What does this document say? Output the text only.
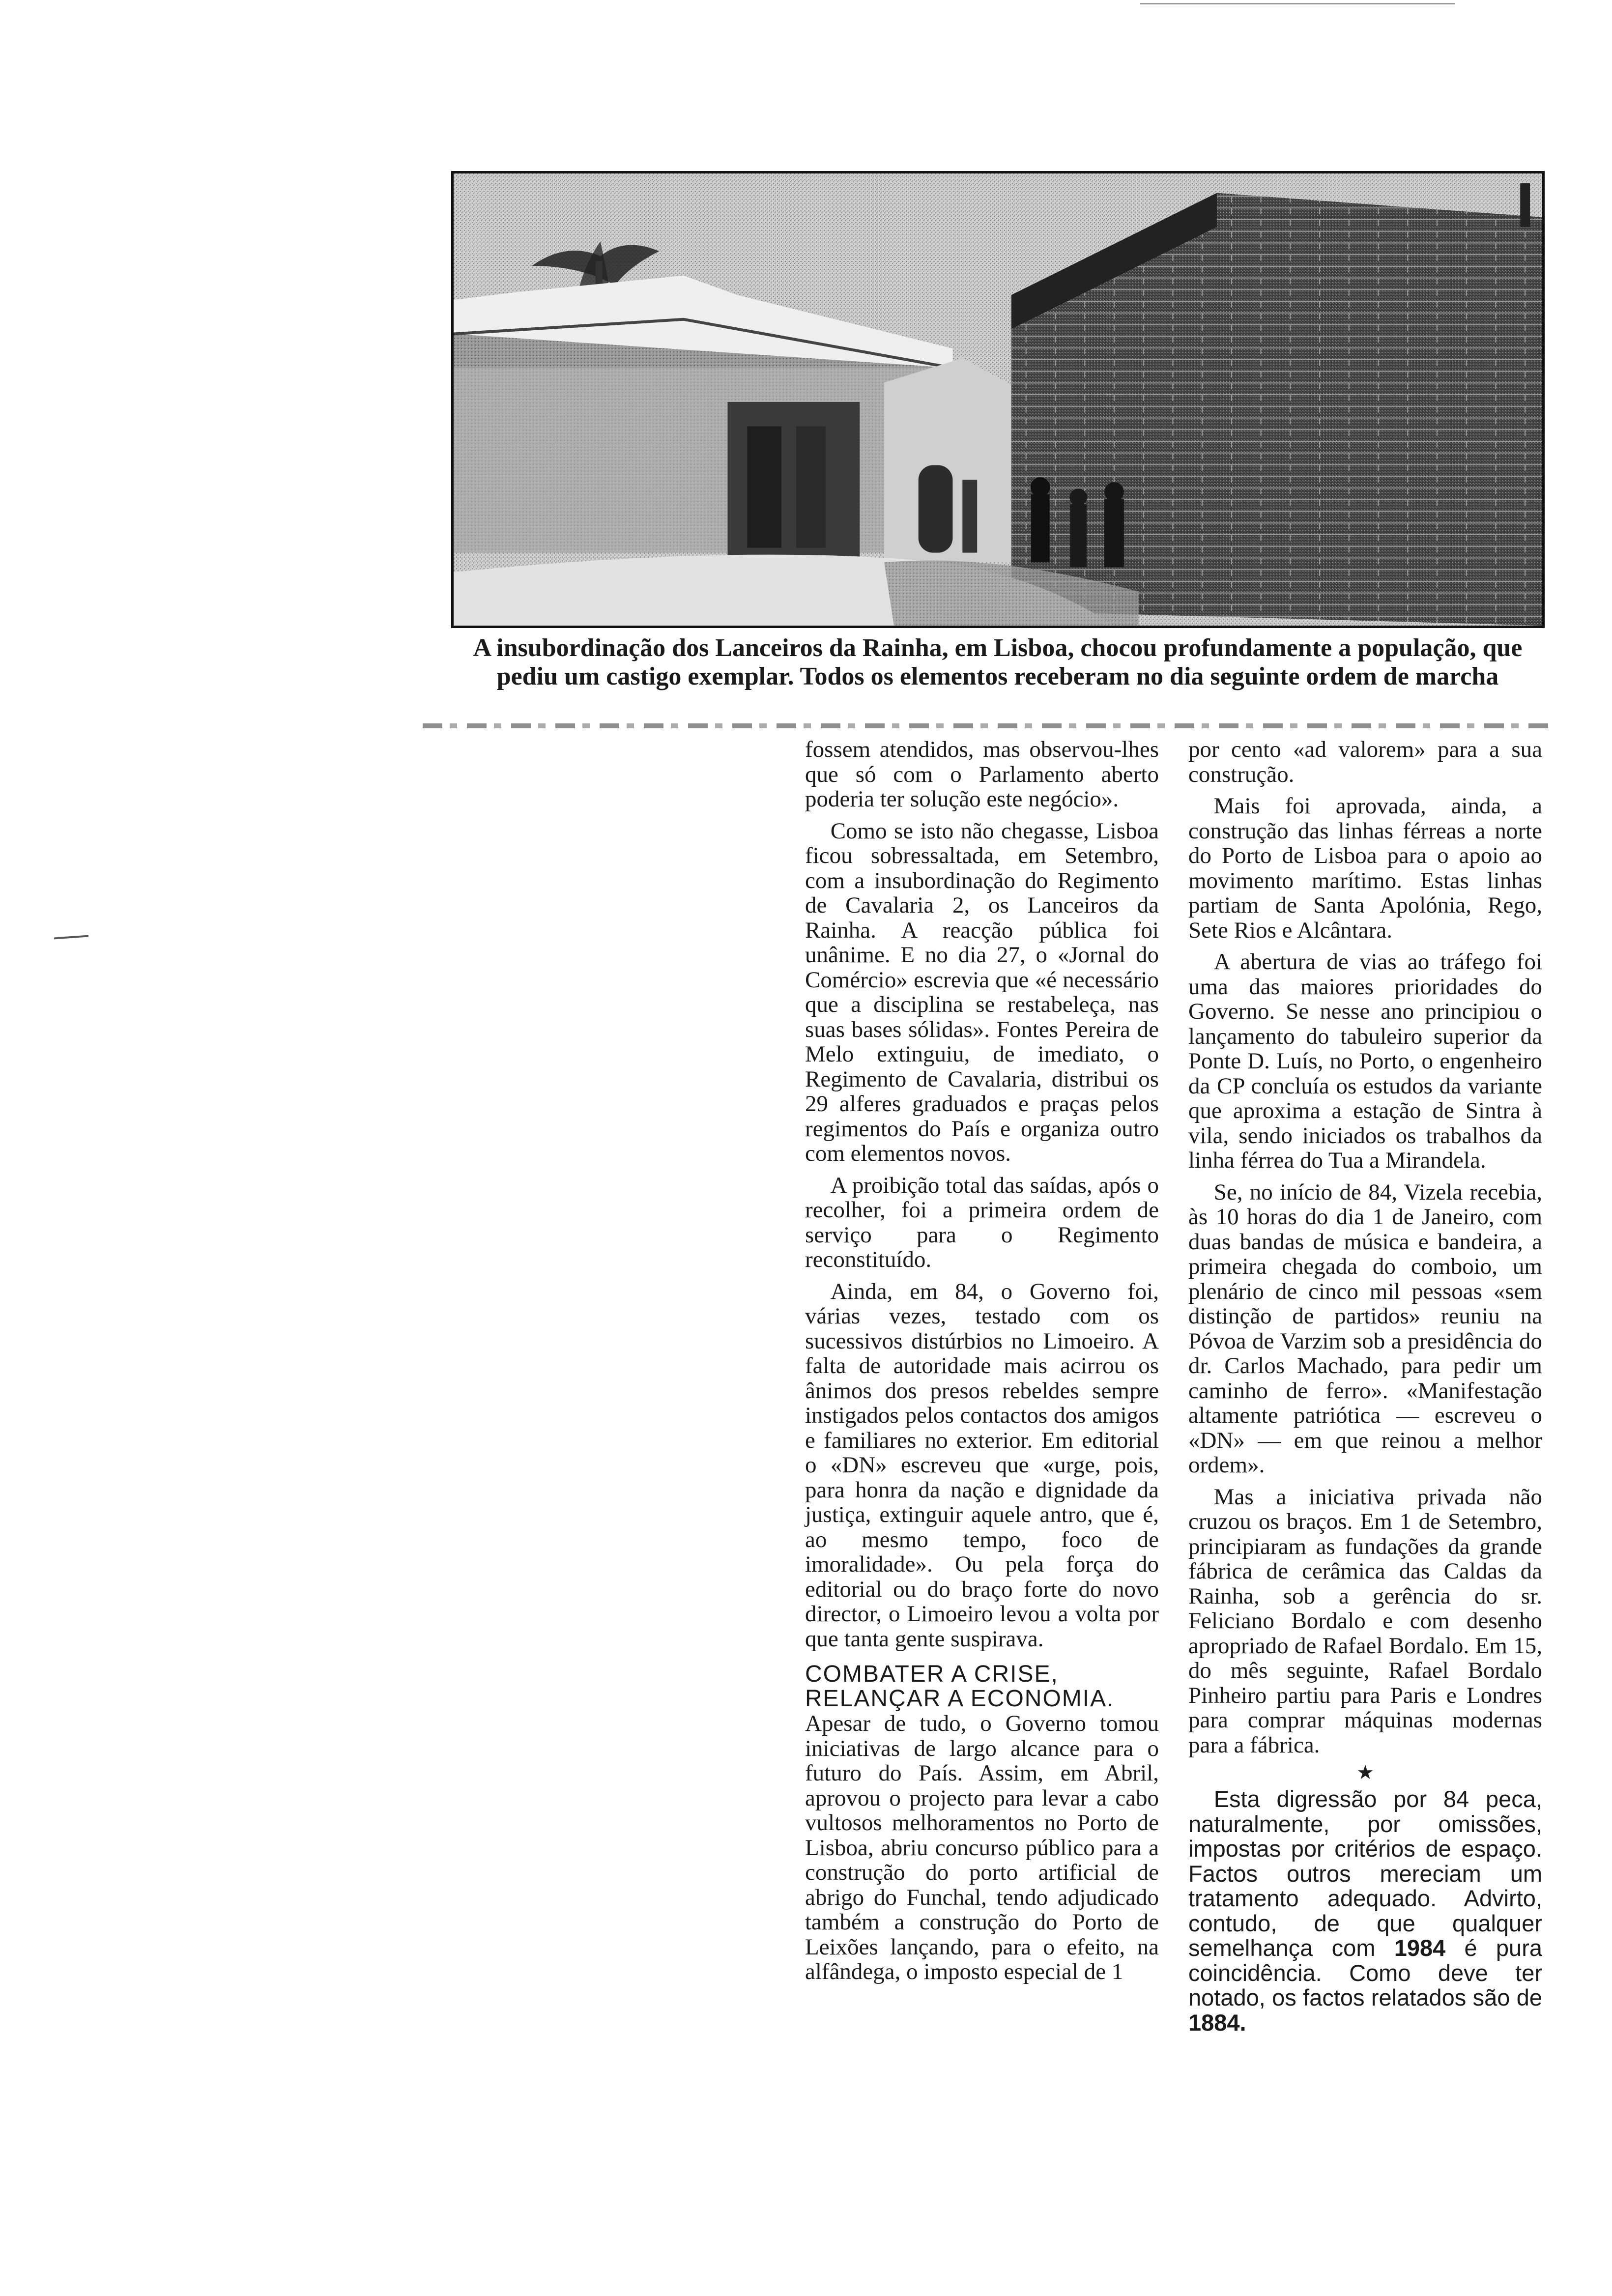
A insubordinação dos Lanceiros da Rainha, em Lisboa, chocou profundamente a população, que pediu um castigo exemplar. Todos os elementos receberam no dia seguinte ordem de marcha

fossem atendidos, mas observou-lhes que só com o Parlamento aberto poderia ter solução este negócio».

Como se isto não chegasse, Lisboa ficou sobressaltada, em Setembro, com a insubordinação do Regimento de Cavalaria 2, os Lanceiros da Rainha. A reacção pública foi unânime. E no dia 27, o «Jornal do Comércio» escrevia que «é necessário que a disciplina se restabeleça, nas suas bases sólidas». Fontes Pereira de Melo extinguiu, de imediato, o Regimento de Cavalaria, distribui os 29 alferes graduados e praças pelos regimentos do País e organiza outro com elementos novos.

A proibição total das saídas, após o recolher, foi a primeira ordem de serviço para o Regimento reconstituído.

Ainda, em 84, o Governo foi, várias vezes, testado com os sucessivos distúrbios no Limoeiro. A falta de autoridade mais acirrou os ânimos dos presos rebeldes sempre instigados pelos contactos dos amigos e familiares no exterior. Em editorial o «DN» escreveu que «urge, pois, para honra da nação e dignidade da justiça, extinguir aquele antro, que é, ao mesmo tempo, foco de imoralidade». Ou pela força do editorial ou do braço forte do novo director, o Limoeiro levou a volta por que tanta gente suspirava.

COMBATER A CRISE,
RELANÇAR A ECONOMIA.

Apesar de tudo, o Governo tomou iniciativas de largo alcance para o futuro do País. Assim, em Abril, aprovou o projecto para levar a cabo vultosos melhoramentos no Porto de Lisboa, abriu concurso público para a construção do porto artificial de abrigo do Funchal, tendo adjudicado também a construção do Porto de Leixões lançando, para o efeito, na alfândega, o imposto especial de 1

por cento «ad valorem» para a sua construção.

Mais foi aprovada, ainda, a construção das linhas férreas a norte do Porto de Lisboa para o apoio ao movimento marítimo. Estas linhas partiam de Santa Apolónia, Rego, Sete Rios e Alcântara.

A abertura de vias ao tráfego foi uma das maiores prioridades do Governo. Se nesse ano principiou o lançamento do tabuleiro superior da Ponte D. Luís, no Porto, o engenheiro da CP concluía os estudos da variante que aproxima a estação de Sintra à vila, sendo iniciados os trabalhos da linha férrea do Tua a Mirandela.

Se, no início de 84, Vizela recebia, às 10 horas do dia 1 de Janeiro, com duas bandas de música e bandeira, a primeira chegada do comboio, um plenário de cinco mil pessoas «sem distinção de partidos» reuniu na Póvoa de Varzim sob a presidência do dr. Carlos Machado, para pedir um caminho de ferro». «Manifestação altamente patriótica — escreveu o «DN» — em que reinou a melhor ordem».

Mas a iniciativa privada não cruzou os braços. Em 1 de Setembro, principiaram as fundações da grande fábrica de cerâmica das Caldas da Rainha, sob a gerência do sr. Feliciano Bordalo e com desenho apropriado de Rafael Bordalo. Em 15, do mês seguinte, Rafael Bordalo Pinheiro partiu para Paris e Londres para comprar máquinas modernas para a fábrica.

★

Esta digressão por 84 peca, naturalmente, por omissões, impostas por critérios de espaço. Factos outros mereciam um tratamento adequado. Advirto, contudo, de que qualquer semelhança com 1984 é pura coincidência. Como deve ter notado, os factos relatados são de 1884.
